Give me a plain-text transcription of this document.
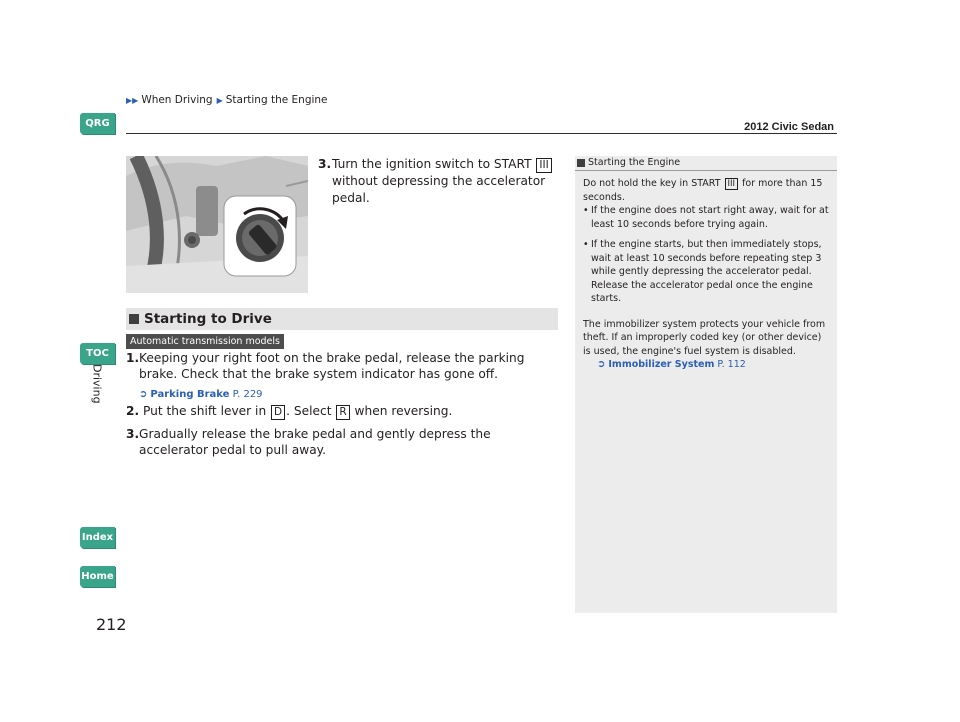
▶▶ When Driving ▶ Starting the Engine
2012 Civic Sedan
QRG
TOC
Driving
Index
Home
212
3. Turn the ignition switch to START III
without depressing the accelerator pedal.
Starting to Drive
Automatic transmission models
1. Keeping your right foot on the brake pedal, release the parking brake. Check that the brake system indicator has gone off.
➲ Parking Brake P. 229
2. Put the shift lever in D . Select R when reversing.
3. Gradually release the brake pedal and gently depress the accelerator pedal to pull away.
Starting the Engine
Do not hold the key in START III for more than 15 seconds.
• If the engine does not start right away, wait for at least 10 seconds before trying again.
• If the engine starts, but then immediately stops, wait at least 10 seconds before repeating step 3 while gently depressing the accelerator pedal. Release the accelerator pedal once the engine starts.
The immobilizer system protects your vehicle from theft. If an improperly coded key (or other device) is used, the engine's fuel system is disabled.
➲ Immobilizer System P. 112
